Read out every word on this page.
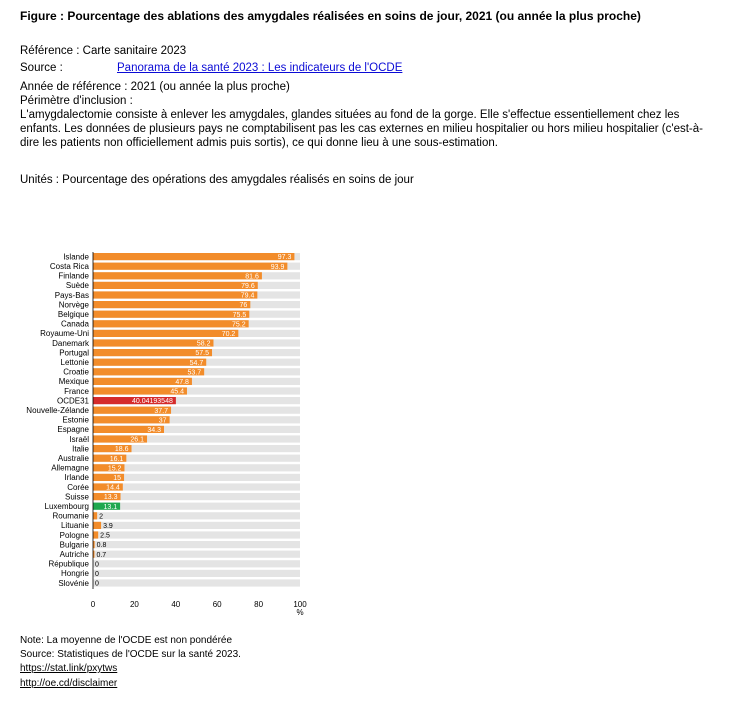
Figure : Pourcentage des ablations des amygdales réalisées en soins de jour, 2021 (ou année la plus proche)
Référence : Carte sanitaire 2023
Source :	Panorama de la santé 2023 : Les indicateurs de l'OCDE
Année de référence : 2021 (ou année la plus proche)
Périmètre d'inclusion :
L'amygdalectomie consiste à enlever les amygdales, glandes situées au fond de la gorge. Elle s'effectue essentiellement chez les enfants. Les données de plusieurs pays ne comptabilisent pas les cas externes en milieu hospitalier ou hors milieu hospitalier (c'est-à-dire les patients non officiellement admis puis sortis), ce qui donne lieu à une sous-estimation.
Unités : Pourcentage des opérations des amygdales réalisés en soins de jour
Islande	97.3
Costa Rica	93.9
Finlande	81.6
Suède	79.6
Pays-Bas	79.4
Norvège	76
Belgique	75.5
Canada	75.2
Royaume-Uni	70.2
Danemark	58.2
Portugal	57.5
Lettonie	54.7
Croatie	53.7
Mexique	47.8
France	45.4
OCDE31	40.04193548
Nouvelle-Zélande	37.7
Estonie	37
Espagne	34.3
Israël	26.1
Italie	18.6
Australie	16.1
Allemagne	15.2
Irlande	15
Corée 14.4
Suisse 13.3
Luxembourg 13.1
Roumanie 2
Lituanie 3.9
Pologne 2.5
Bulgarie 0.8
Autriche 0.7
République 0
Hongrie 0
Slovénie 0
0	20	40	60	80	100
%
Note: La moyenne de l'OCDE est non pondérée
Source: Statistiques de l'OCDE sur la santé 2023.
https://stat.link/pxytws
http://oe.cd/disclaimer
